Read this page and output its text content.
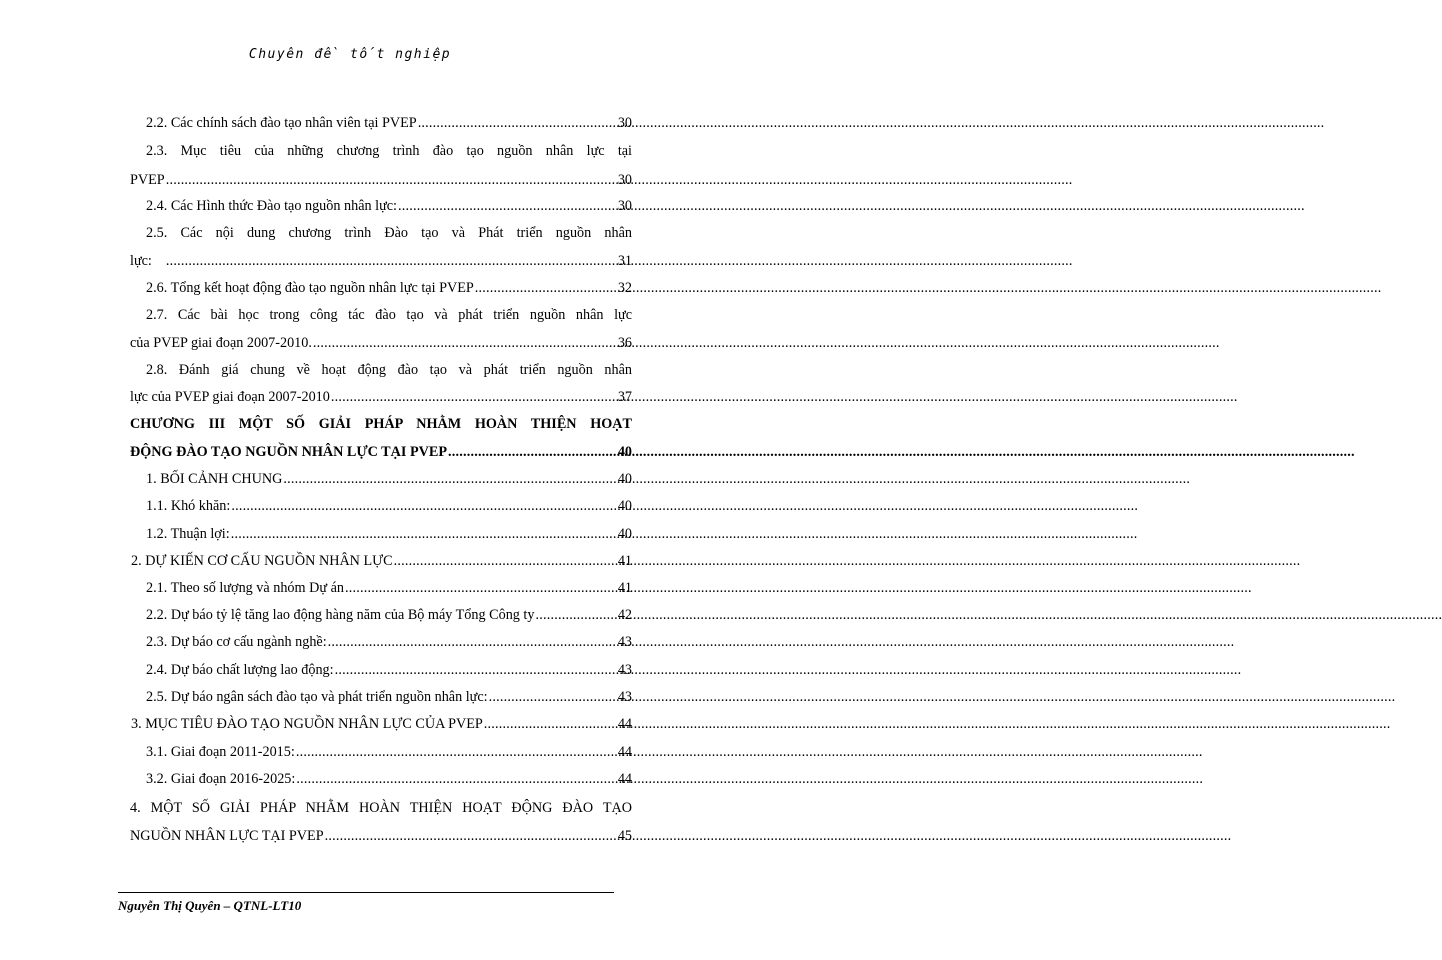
Chuyên đề tốt nghiệp
2.2. Các chính sách đào tạo nhân viên tại PVEP .....	30
2.3. Mục tiêu của những chương trình đào tạo nguồn nhân lực tại
PVEP .....	30
2.4. Các Hình thức Đào tạo nguồn nhân lực: .....	30
2.5. Các nội dung chương trình Đào tạo và Phát triển nguồn nhân
lực: .....	31
2.6. Tổng kết hoạt động đào tạo nguồn nhân lực tại PVEP .....	32
2.7. Các bài học trong công tác đào tạo và phát triển nguồn nhân lực
của PVEP giai đoạn 2007-2010. .....	36
2.8. Đánh giá chung về hoạt động đào tạo và phát triển nguồn nhân
lực của PVEP giai đoạn 2007-2010 .....	37
CHƯƠNG III MỘT SỐ GIẢI PHÁP NHẰM HOÀN THIỆN HOẠT
ĐỘNG ĐÀO TẠO NGUỒN NHÂN LỰC TẠI PVEP .....	40
1. BỐI CẢNH CHUNG .....	40
1.1. Khó khăn: .....	40
1.2. Thuận lợi: .....	40
2. DỰ KIẾN CƠ CẤU NGUỒN NHÂN LỰC .....	41
2.1. Theo số lượng và nhóm Dự án .....	41
2.2. Dự báo tỷ lệ tăng lao động hàng năm của Bộ máy Tổng Công ty .....	42
2.3. Dự báo cơ cấu ngành nghề: .....	43
2.4. Dự báo chất lượng lao động: .....	43
2.5. Dự báo ngân sách đào tạo và phát triển nguồn nhân lực: .....	43
3. MỤC TIÊU ĐÀO TẠO NGUỒN NHÂN LỰC CỦA PVEP .....	44
3.1. Giai đoạn 2011-2015: .....	44
3.2. Giai đoạn 2016-2025: .....	44
4. MỘT SỐ GIẢI PHÁP NHẰM HOÀN THIỆN HOẠT ĐỘNG ĐÀO TẠO
NGUỒN NHÂN LỰC TẠI PVEP .....	45
Nguyễn Thị Quyên – QTNL-LT10
